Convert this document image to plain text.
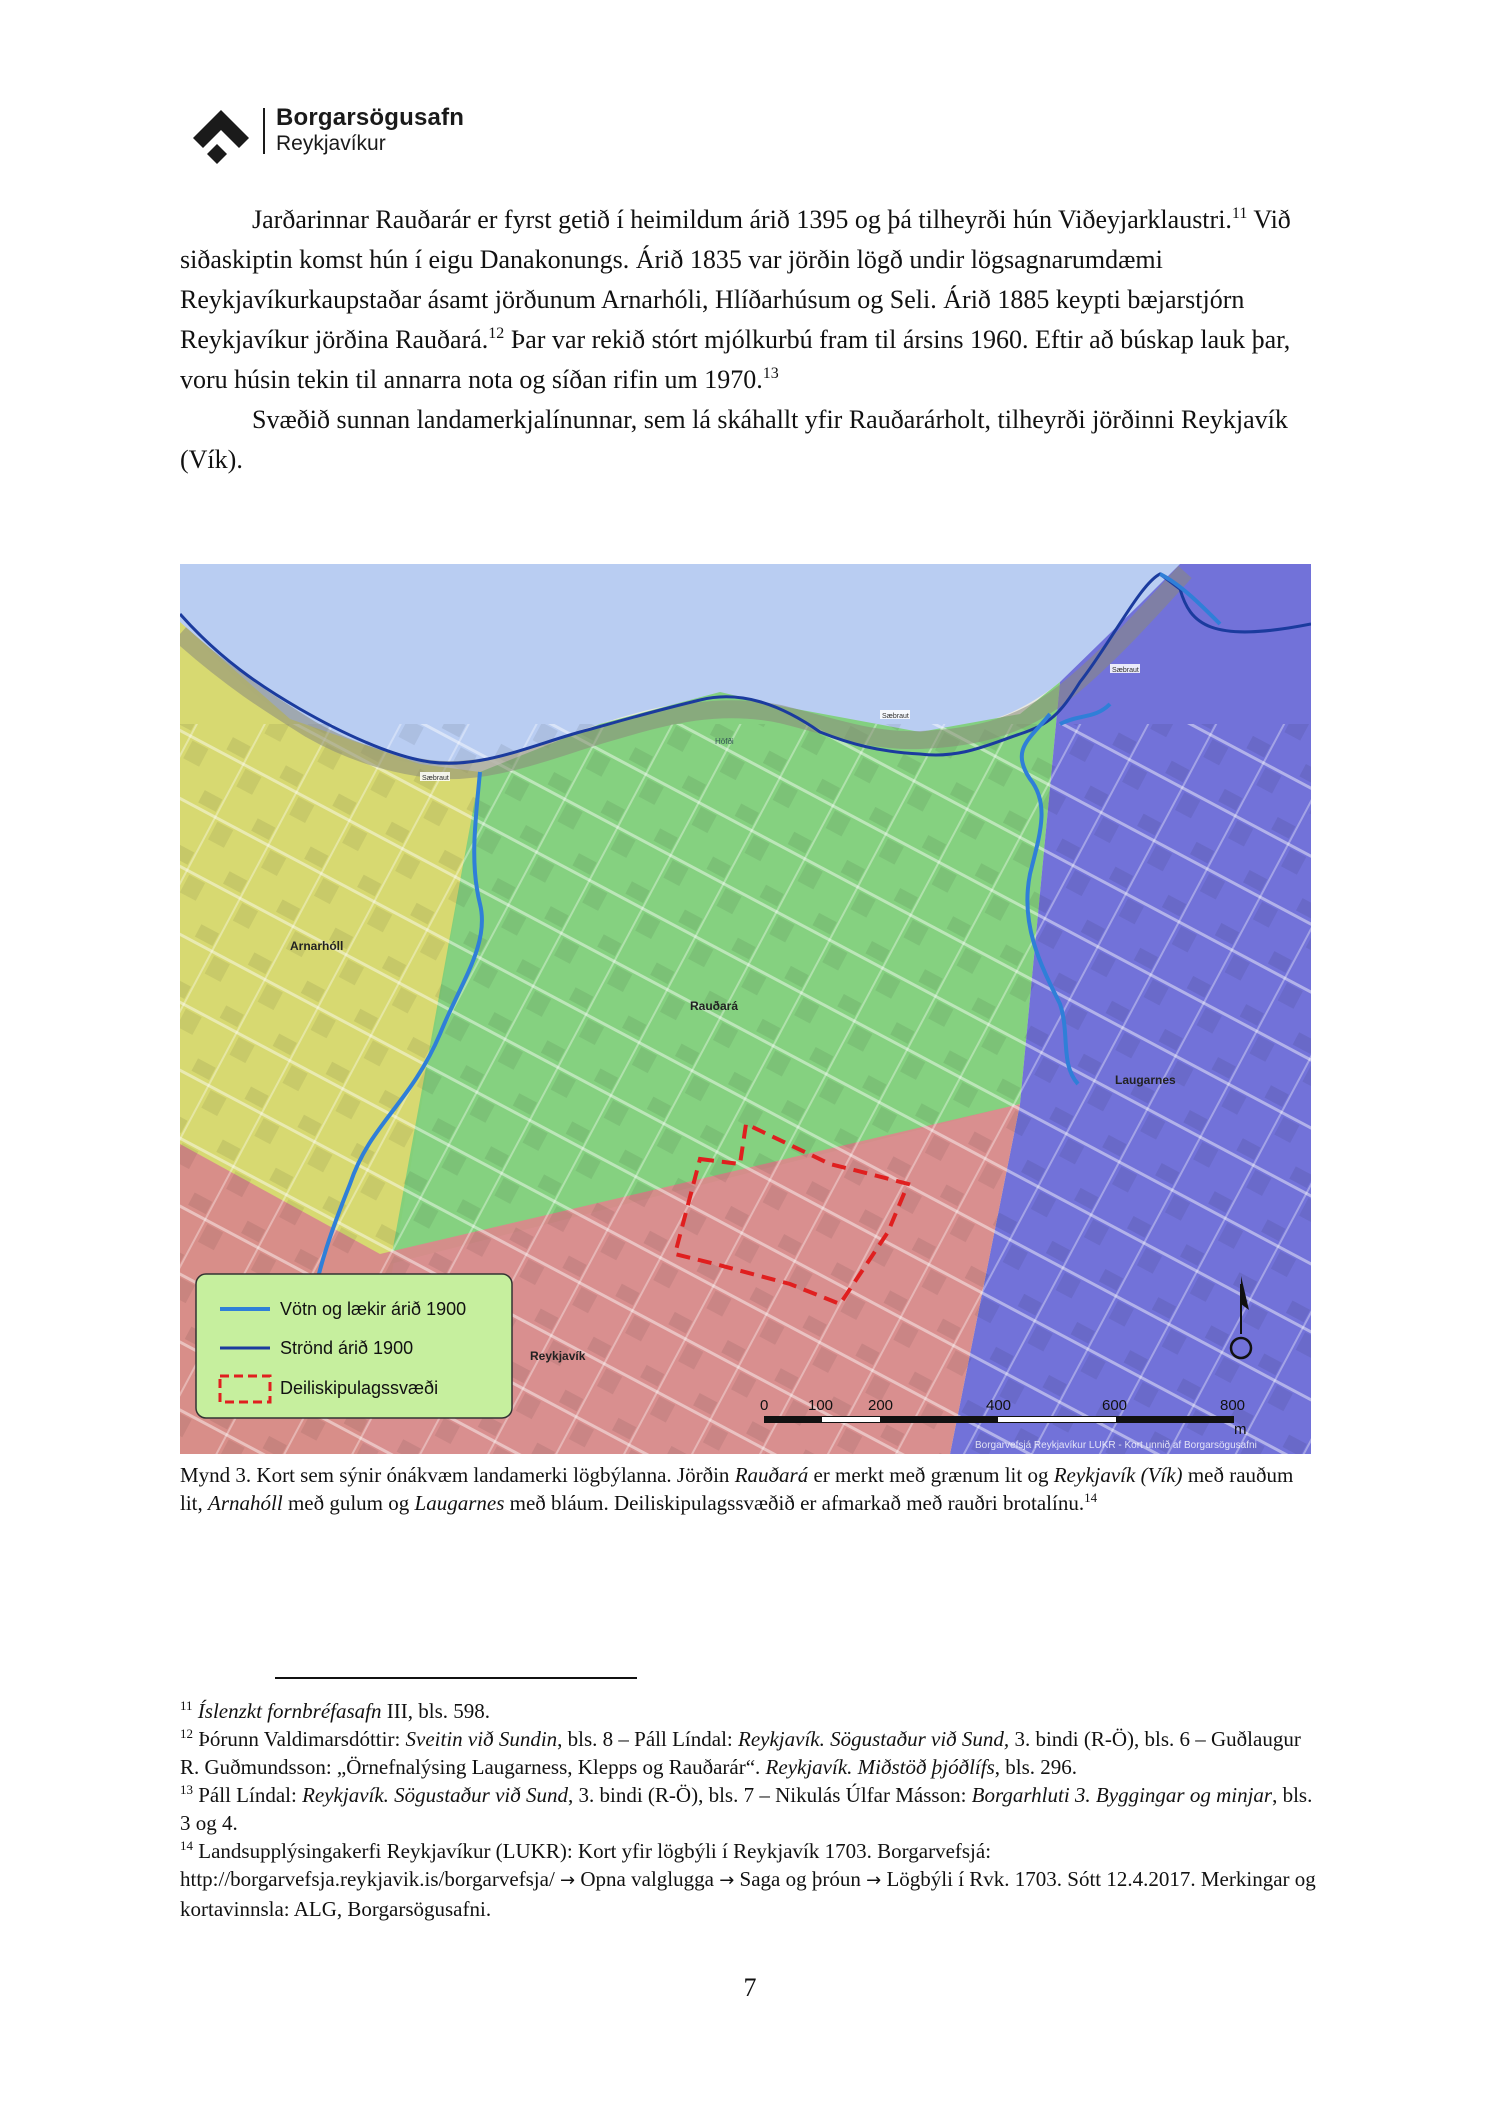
Borgarsögusafn
Reykjavíkur

Jarðarinnar Rauðarár er fyrst getið í heimildum árið 1395 og þá tilheyrði hún Viðeyjarklaustri.$^{11}$ Við siðaskiptin komst hún í eigu Danakonungs. Árið 1835 var jörðin lögð undir lögsagnarumdæmi Reykjavíkurkaupstaðar ásamt jörðunum Arnarhóli, Hlíðarhúsum og Seli. Árið 1885 keypti bæjarstjórn Reykjavíkur jörðina Rauðará.$^{12}$ Þar var rekið stórt mjólkurbú fram til ársins 1960. Eftir að búskap lauk þar, voru húsin tekin til annarra nota og síðan rifin um 1970.13

Svæðið sunnan landamerkjalínunnar, sem lá skáhallt yfir Rauðarárholt, tilheyrði jörðinni Reykjavík (Vík).

Arnarhóll
Rauðará
Laugarnes
Reykjavík
Sæbraut
Sæbraut
Sæbraut
Höfði
Vötn og lækir árið 1900
Strönd árið 1900
Deiliskipulagssvæði
0	100 200	400	600	800
m
Borgarvefsjá Reykjavíkur LUKR - Kort unnið af Borgarsögusafni
Mynd 3. Kort sem sýnir ónákvæm landamerki lögbýlanna. Jörðin Rauðará er merkt með grænum lit og Reykjavík (Vík) með rauðum lit, Arnahóll með gulum og Laugarnes með bláum. Deiliskipulagssvæðið er afmarkað með rauðri brotalínu.$^{14}$

$^{11}$ Íslenzkt fornbréfasafn III, bls. 598.

$^{12}$ Þórunn Valdimarsdóttir: Sveitin við Sundin, bls. 8 – Páll Líndal: Reykjavík. Sögustaður við Sund, 3. bindi (R-Ö), bls. 6 – Guðlaugur R. Guðmundsson: „Örnefnalýsing Laugarness, Klepps og Rauðarár“. Reykjavík. Miðstöð þjóðlífs, bls. 296.

$^{13}$ Páll Líndal: Reykjavík. Sögustaður við Sund, 3. bindi (R-Ö), bls. 7 – Nikulás Úlfar Másson: Borgarhluti 3. Byggingar og minjar, bls. 3 og 4.

$^{14}$ Landsupplýsingakerfi Reykjavíkur (LUKR): Kort yfir lögbýli í Reykjavík 1703. Borgarvefsjá: http://borgarvefsja.reykjavik.is/borgarvefsja/ → Opna valglugga → Saga og þróun → Lögbýli í Rvk. 1703. Sótt 12.4.2017. Merkingar og kortavinnsla: ALG, Borgarsögusafni.

7
